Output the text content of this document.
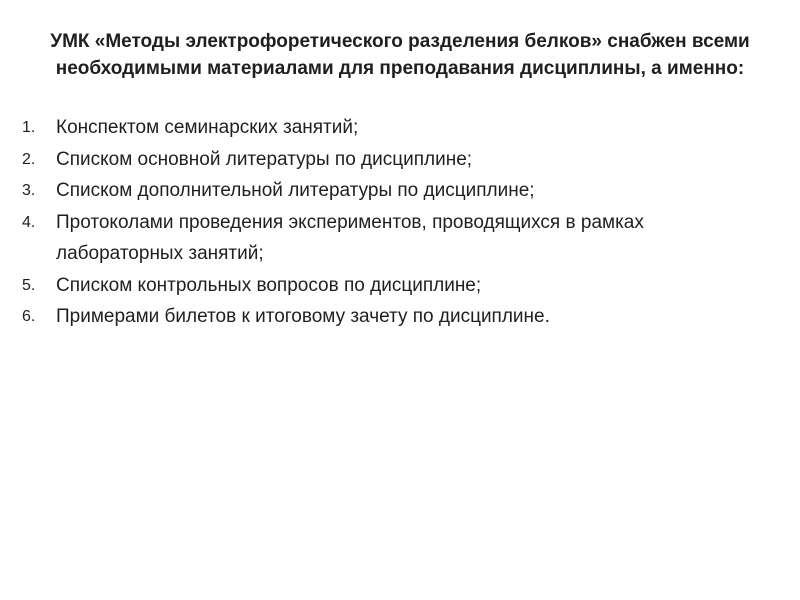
УМК «Методы электрофоретического разделения белков» снабжен всеми необходимыми материалами для преподавания дисциплины, а именно:

1. Конспектом семинарских занятий;
2. Списком основной литературы по дисциплине;
3. Списком дополнительной литературы по дисциплине;
4. Протоколами проведения экспериментов, проводящихся в рамках лабораторных занятий;
5. Списком контрольных вопросов по дисциплине;
6. Примерами билетов к итоговому зачету по дисциплине.
